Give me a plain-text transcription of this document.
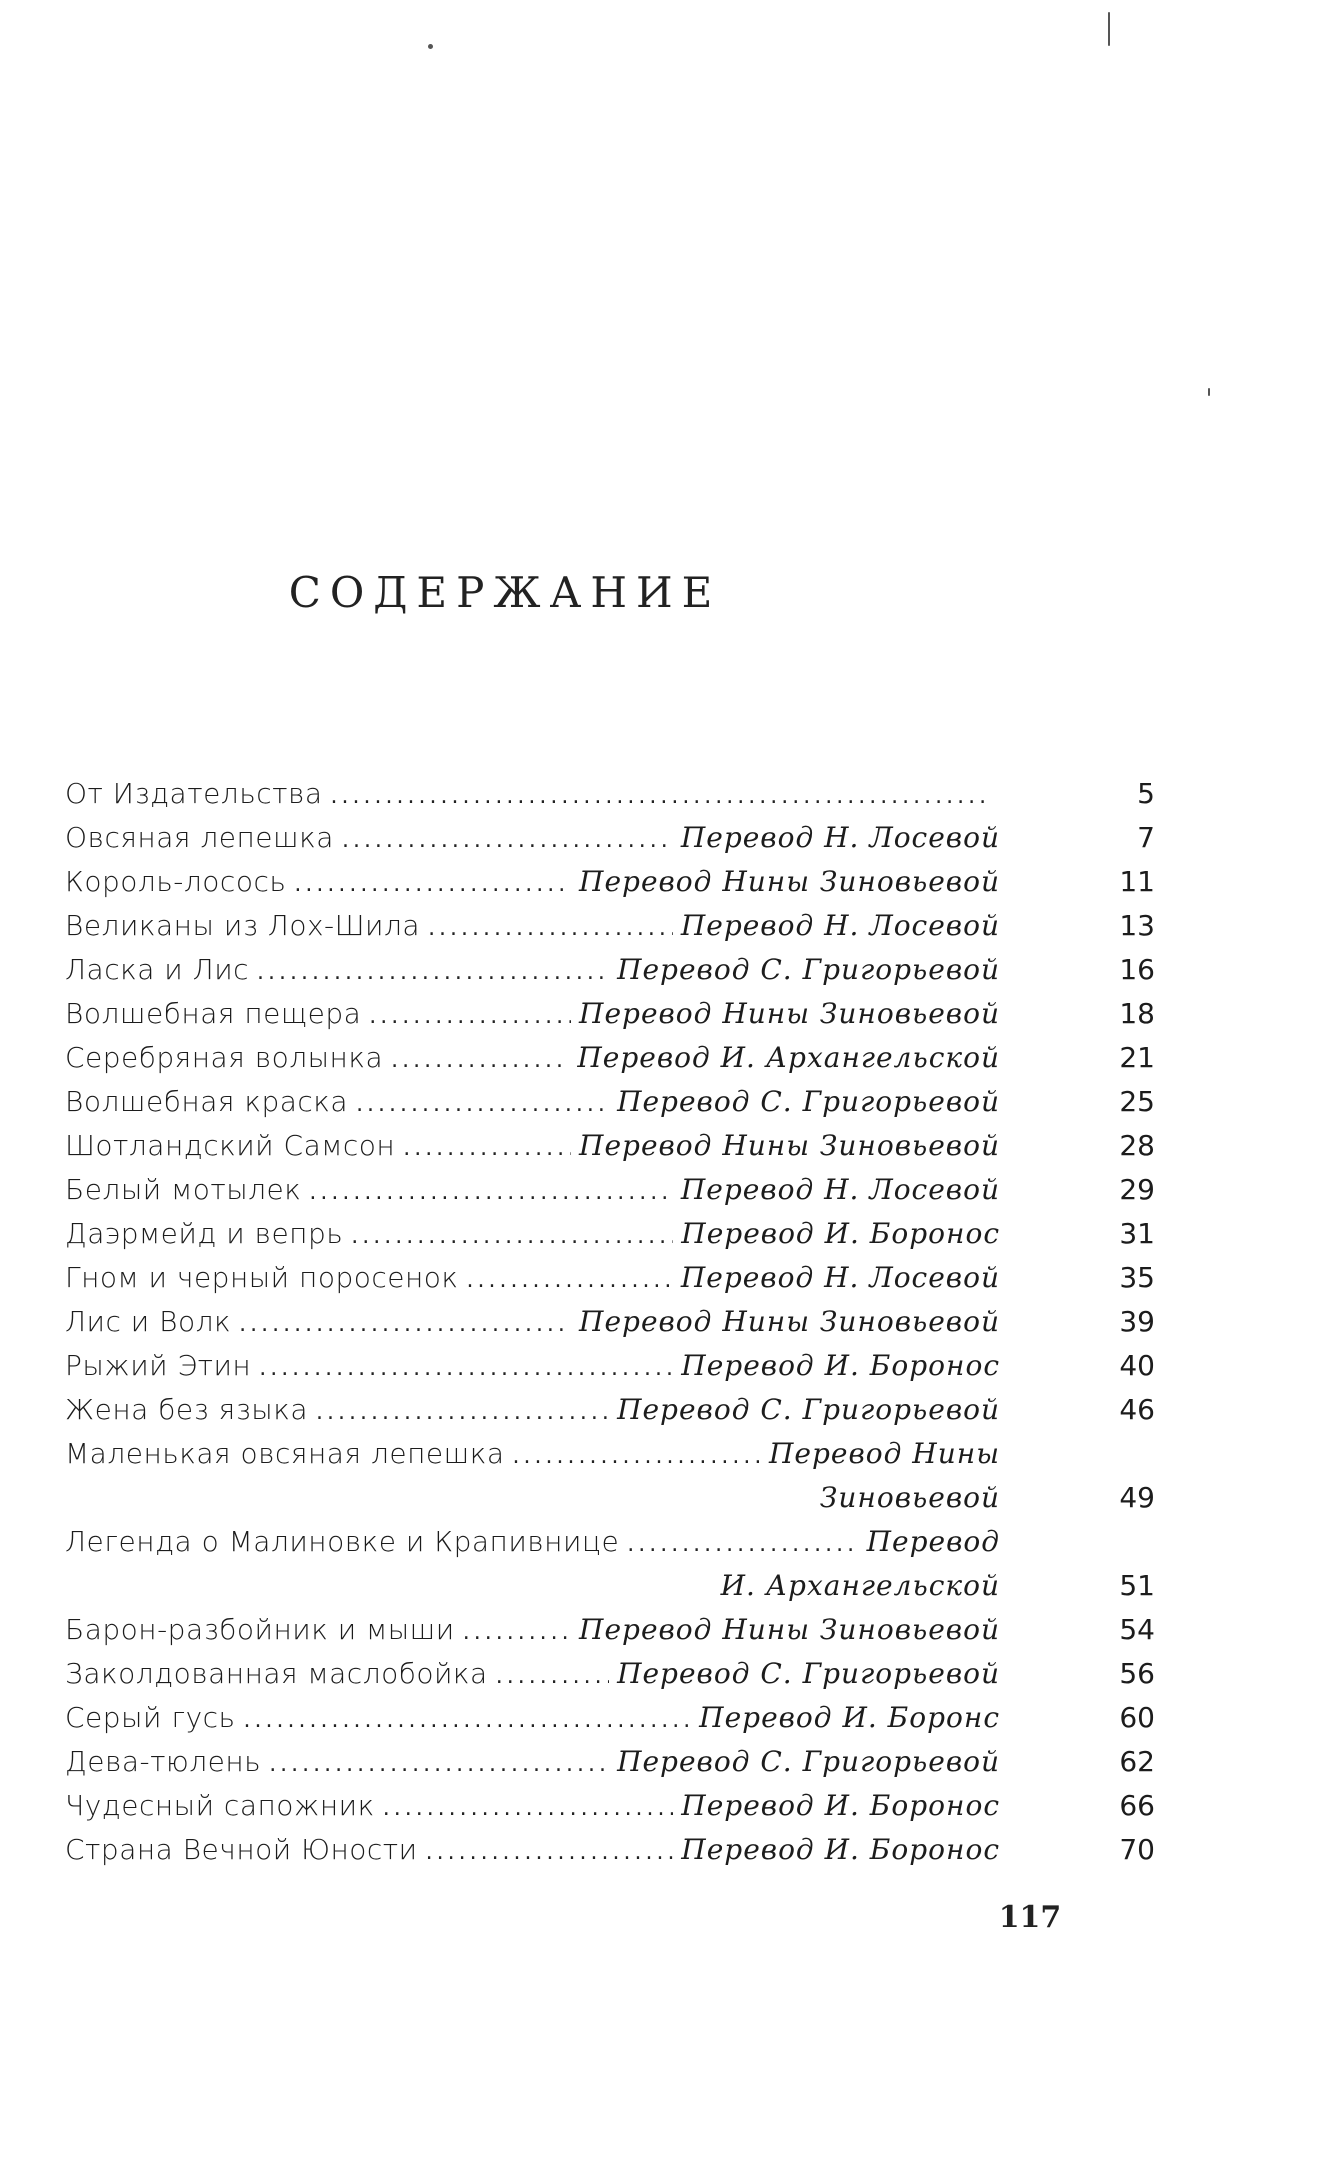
СОДЕРЖАНИЕ
От Издательства .....	5
Овсяная лепешка .....	Перевод Н. Лосевой	7
Король-лосось .....	Перевод Нины Зиновьевой	11
Великаны из Лох-Шила .....	Перевод Н. Лосевой	13
Ласка и Лис .....	Перевод С. Григорьевой	16
Волшебная пещера .....	Перевод Нины Зиновьевой	18
Серебряная волынка .....	Перевод И. Архангельской	21
Волшебная краска .....	Перевод С. Григорьевой	25
Шотландский Самсон .....	Перевод Нины Зиновьевой	28
Белый мотылек .....	Перевод Н. Лосевой	29
Даэрмейд и вепрь .....	Перевод И. Боронос	31
Гном и черный поросенок .....	Перевод Н. Лосевой	35
Лис и Волк .....	Перевод Нины Зиновьевой	39
Рыжий Этин .....	Перевод И. Боронос	40
Жена без языка .....	Перевод С. Григорьевой	46
Маленькая овсяная лепешка .....	Перевод Нины
Зиновьевой	49
Легенда о Малиновке и Крапивнице .....	Перевод
И. Архангельской	51
Барон-разбойник и мыши .....	Перевод Нины Зиновьевой	54
Заколдованная маслобойка .....	Перевод С. Григорьевой	56
Серый гусь .....	Перевод И. Боронс	60
Дева-тюлень .....	Перевод С. Григорьевой	62
Чудесный сапожник .....	Перевод И. Боронос	66
Страна Вечной Юности .....	Перевод И. Боронос	70
117
